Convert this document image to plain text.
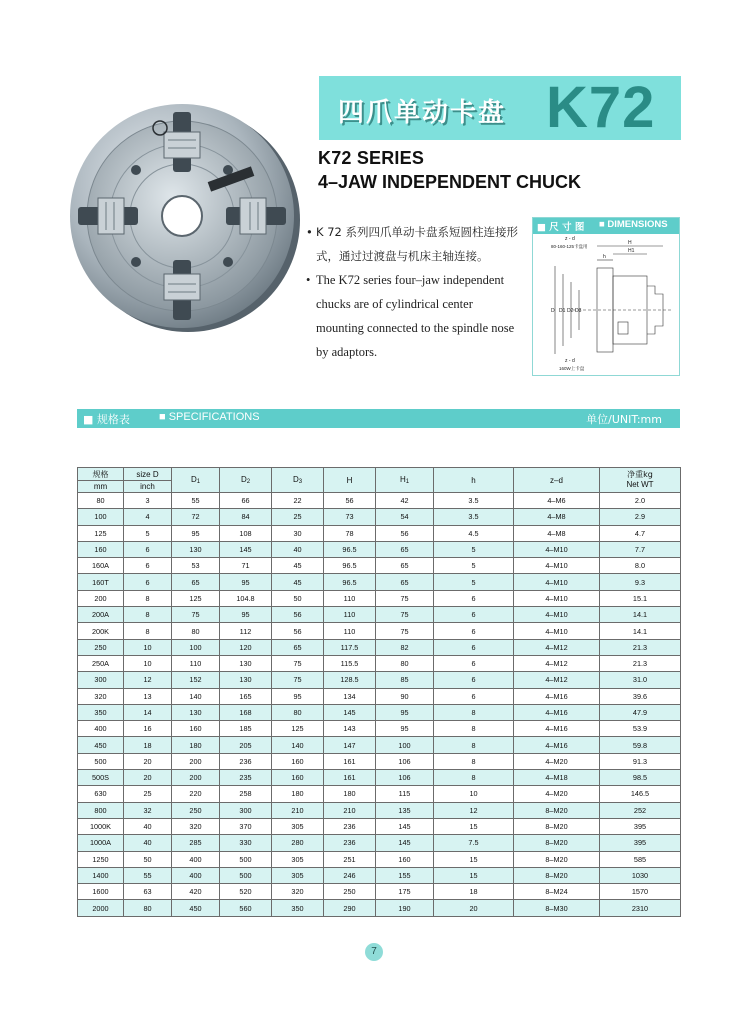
四爪单动卡盘 K72
K72 SERIES
4–JAW INDEPENDENT CHUCK
• K 72 系列四爪单动卡盘系短圆柱连接形式，通过过渡盘与机床主轴连接。
• The K72 series four–jaw independent chucks are of cylindrical center mounting connected to the spindle nose by adaptors.
■ 尺 寸 图 ■ DIMENSIONS
H
H1
h
z - d
80-160-125卡盘用
z - d
160W上卡盘
D D1 D2 D3
■ 规格表	■ SPECIFICATIONS	单位/UNIT:mm
规格	size D	$D_1$	$D_2$	$D_3$	H	$H_1$	h	z–d	净重kg
Net WT

mm	inch								
80	3	55	66	22	56	42	3.5	4–M6	2.0
100	4	72	84	25	73	54	3.5	4–M8	2.9
125	5	95	108	30	78	56	4.5	4–M8	4.7
160	6	130	145	40	96.5	65	5	4–M10	7.7
160A	6	53	71	45	96.5	65	5	4–M10	8.0
160T	6	65	95	45	96.5	65	5	4–M10	9.3
200	8	125	104.8	50	110	75	6	4–M10	15.1
200A	8	75	95	56	110	75	6	4–M10	14.1
200K	8	80	112	56	110	75	6	4–M10	14.1
250	10	100	120	65	117.5	82	6	4–M12	21.3
250A	10	110	130	75	115.5	80	6	4–M12	21.3
300	12	152	130	75	128.5	85	6	4–M12	31.0
320	13	140	165	95	134	90	6	4–M16	39.6
350	14	130	168	80	145	95	8	4–M16	47.9
400	16	160	185	125	143	95	8	4–M16	53.9
450	18	180	205	140	147	100	8	4–M16	59.8
500	20	200	236	160	161	106	8	4–M20	91.3
500S	20	200	235	160	161	106	8	4–M18	98.5
630	25	220	258	180	180	115	10	4–M20	146.5
800	32	250	300	210	210	135	12	8–M20	252
1000K	40	320	370	305	236	145	15	8–M20	395
1000A	40	285	330	280	236	145	7.5	8–M20	395
1250	50	400	500	305	251	160	15	8–M20	585
1400	55	400	500	305	246	155	15	8–M20	1030
1600	63	420	520	320	250	175	18	8–M24	1570
2000	80	450	560	350	290	190	20	8–M30	2310
7
